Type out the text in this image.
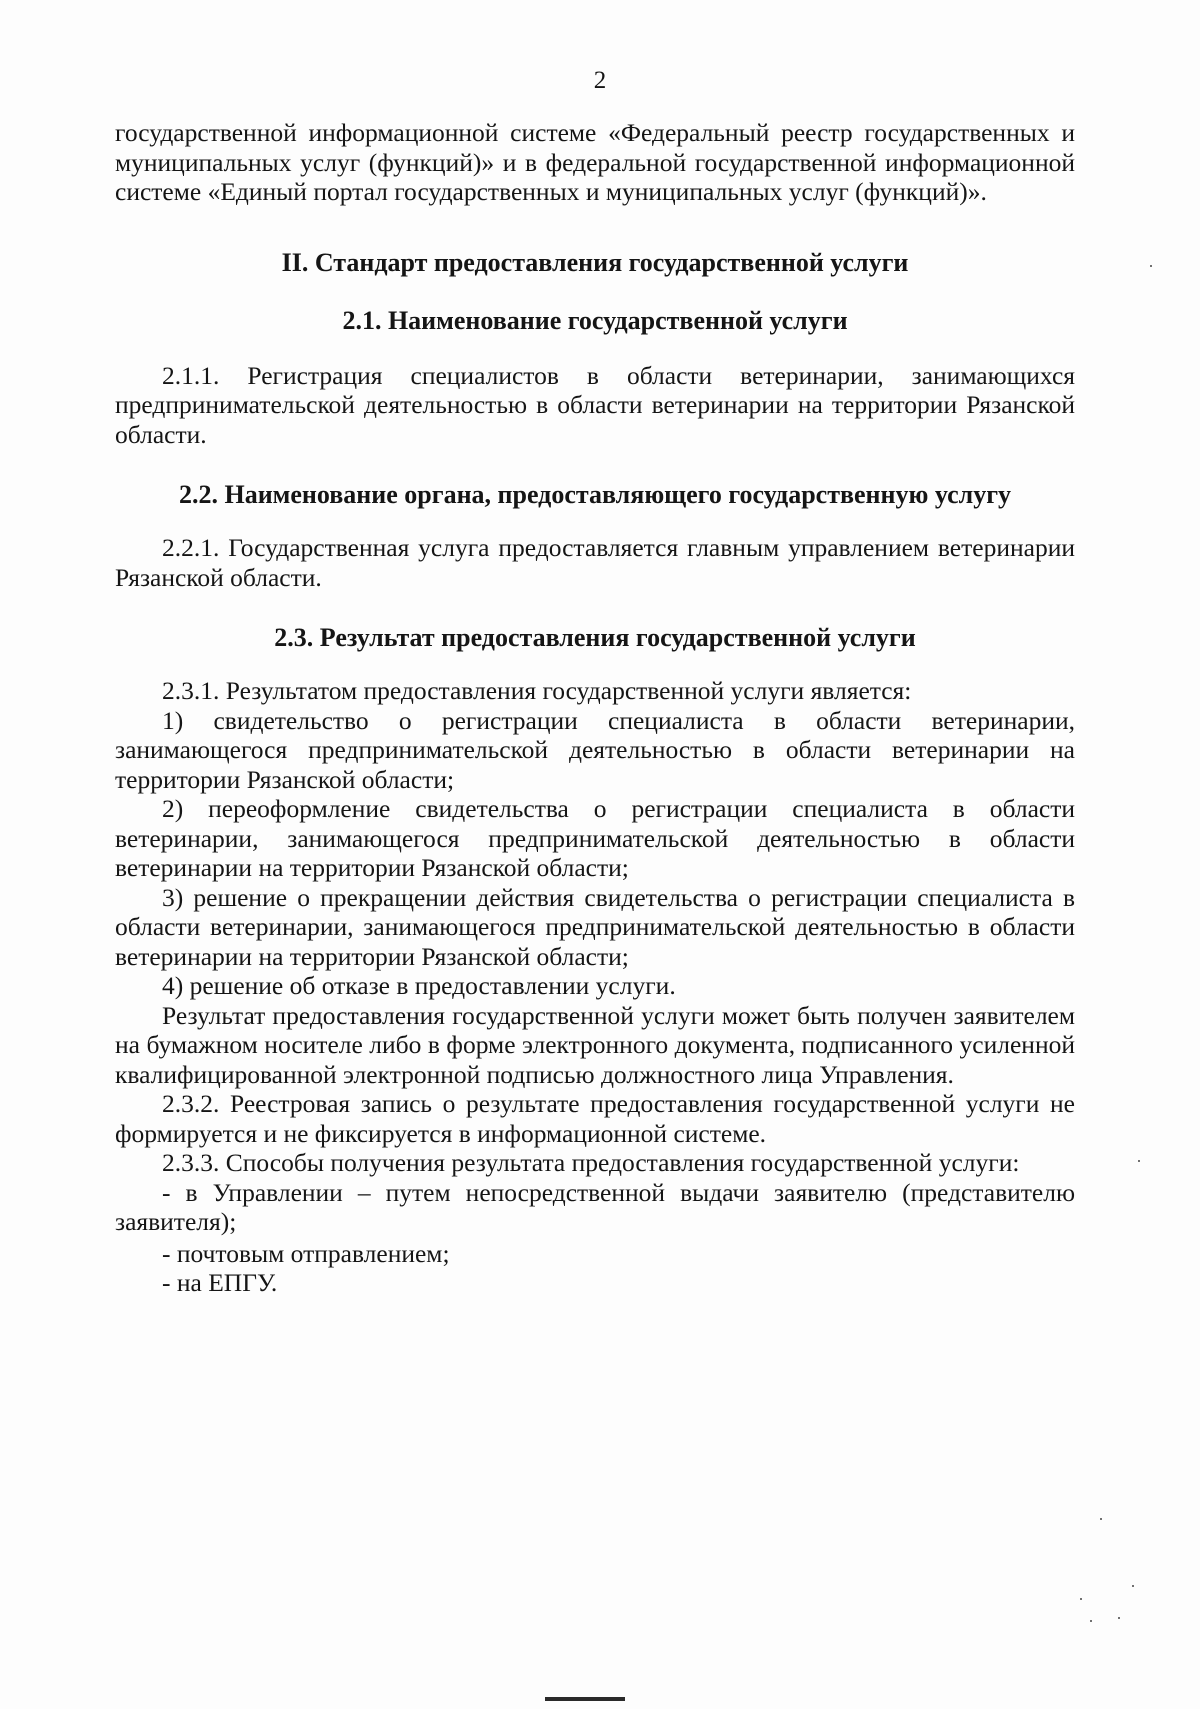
2

государственной информационной системе «Федеральный реестр государственных и муниципальных услуг (функций)» и в федеральной государственной информационной системе «Единый портал государственных и муниципальных услуг (функций)».

II. Стандарт предоставления государственной услуги

2.1. Наименование государственной услуги

2.1.1. Регистрация специалистов в области ветеринарии, занимающихся предпринимательской деятельностью в области ветеринарии на территории Рязанской области.

2.2. Наименование органа, предоставляющего государственную услугу

2.2.1. Государственная услуга предоставляется главным управлением ветеринарии Рязанской области.

2.3. Результат предоставления государственной услуги

2.3.1. Результатом предоставления государственной услуги является:

1) свидетельство о регистрации специалиста в области ветеринарии, занимающегося предпринимательской деятельностью в области ветеринарии на территории Рязанской области;

2) переоформление свидетельства о регистрации специалиста в области ветеринарии, занимающегося предпринимательской деятельностью в области ветеринарии на территории Рязанской области;

3) решение о прекращении действия свидетельства о регистрации специалиста в области ветеринарии, занимающегося предпринимательской деятельностью в области ветеринарии на территории Рязанской области;

4) решение об отказе в предоставлении услуги.

Результат предоставления государственной услуги может быть получен заявителем на бумажном носителе либо в форме электронного документа, подписанного усиленной квалифицированной электронной подписью должностного лица Управления.

2.3.2. Реестровая запись о результате предоставления государственной услуги не формируется и не фиксируется в информационной системе.

2.3.3. Способы получения результата предоставления государственной услуги:

- в Управлении – путем непосредственной выдачи заявителю (представителю заявителя);

- почтовым отправлением;

- на ЕПГУ.
